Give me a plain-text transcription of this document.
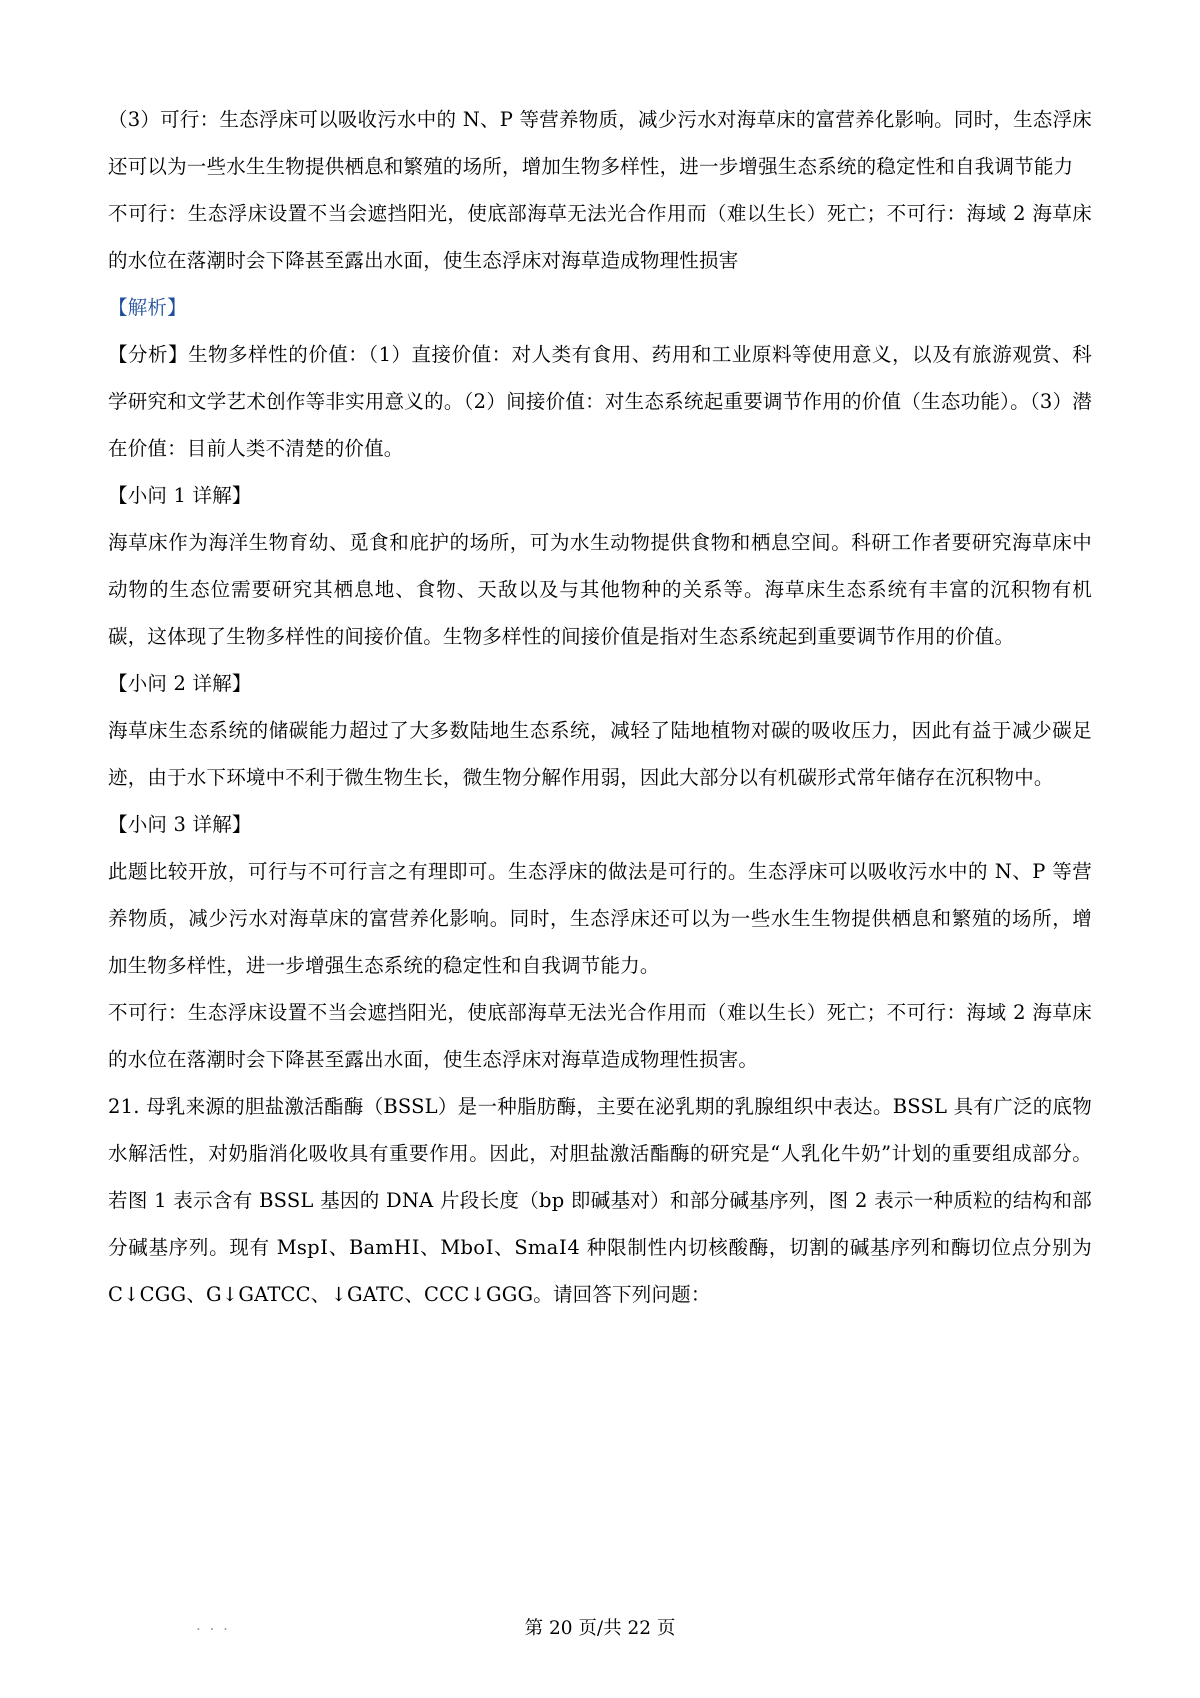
（3）可行：生态浮床可以吸收污水中的 N、P 等营养物质，减少污水对海草床的富营养化影响。同时，生态浮床还可以为一些水生生物提供栖息和繁殖的场所，增加生物多样性，进一步增强生态系统的稳定性和自我调节能力

不可行：生态浮床设置不当会遮挡阳光，使底部海草无法光合作用而（难以生长）死亡；不可行：海域 2 海草床的水位在落潮时会下降甚至露出水面，使生态浮床对海草造成物理性损害

【解析】

【分析】生物多样性的价值：（1）直接价值：对人类有食用、药用和工业原料等使用意义，以及有旅游观赏、科学研究和文学艺术创作等非实用意义的。（2）间接价值：对生态系统起重要调节作用的价值（生态功能）。（3）潜在价值：目前人类不清楚的价值。

【小问 1 详解】

海草床作为海洋生物育幼、觅食和庇护的场所，可为水生动物提供食物和栖息空间。科研工作者要研究海草床中动物的生态位需要研究其栖息地、食物、天敌以及与其他物种的关系等。海草床生态系统有丰富的沉积物有机碳，这体现了生物多样性的间接价值。生物多样性的间接价值是指对生态系统起到重要调节作用的价值。

【小问 2 详解】

海草床生态系统的储碳能力超过了大多数陆地生态系统，减轻了陆地植物对碳的吸收压力，因此有益于减少碳足迹，由于水下环境中不利于微生物生长，微生物分解作用弱，因此大部分以有机碳形式常年储存在沉积物中。

【小问 3 详解】

此题比较开放，可行与不可行言之有理即可。生态浮床的做法是可行的。生态浮床可以吸收污水中的 N、P 等营养物质，减少污水对海草床的富营养化影响。同时，生态浮床还可以为一些水生生物提供栖息和繁殖的场所，增加生物多样性，进一步增强生态系统的稳定性和自我调节能力。

不可行：生态浮床设置不当会遮挡阳光，使底部海草无法光合作用而（难以生长）死亡；不可行：海域 2 海草床的水位在落潮时会下降甚至露出水面，使生态浮床对海草造成物理性损害。

21. 母乳来源的胆盐激活酯酶（BSSL）是一种脂肪酶，主要在泌乳期的乳腺组织中表达。BSSL 具有广泛的底物水解活性，对奶脂消化吸收具有重要作用。因此，对胆盐激活酯酶的研究是“人乳化牛奶”计划的重要组成部分。若图 1 表示含有 BSSL 基因的 DNA 片段长度（bp 即碱基对）和部分碱基序列，图 2 表示一种质粒的结构和部分碱基序列。现有 MspⅠ、BamHⅠ、MboⅠ、SmaⅠ4 种限制性内切核酸酶，切割的碱基序列和酶切位点分别为 C↓CGG、G↓GATCC、↓GATC、CCC↓GGG。请回答下列问题：

. . .	第 20 页/共 22 页
